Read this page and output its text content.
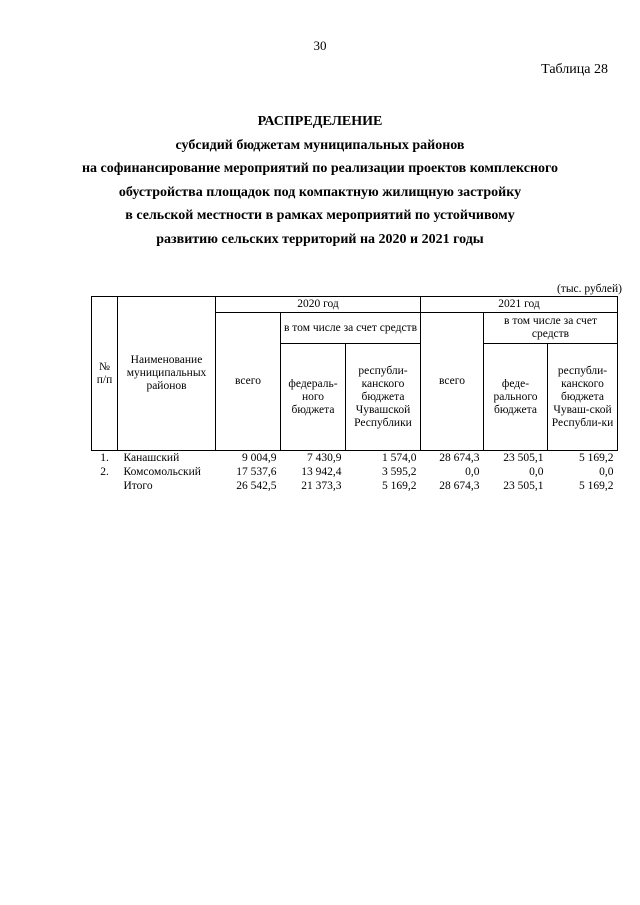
30
Таблица 28
РАСПРЕДЕЛЕНИЕ
субсидий бюджетам муниципальных районов
на софинансирование мероприятий по реализации проектов комплексного
обустройства площадок под компактную жилищную застройку
в сельской местности в рамках мероприятий по устойчивому
развитию сельских территорий на 2020 и 2021 годы
(тыс. рублей)
№ п/п	Наименование муниципальных районов	2020 год			2021 год		
		всего	в том числе за счет средств		всего	в том числе за счет средств	
			федераль-ного бюджета	республи-канского бюджета Чувашской Республики		феде-рального бюджета	республи-канского бюджета Чуваш-ской Республи-ки
1.	Канашский	9 004,9	7 430,9	1 574,0	28 674,3	23 505,1	5 169,2
2.	Комсомольский	17 537,6	13 942,4	3 595,2	0,0	0,0	0,0
	Итого	26 542,5	21 373,3	5 169,2	28 674,3	23 505,1	5 169,2
